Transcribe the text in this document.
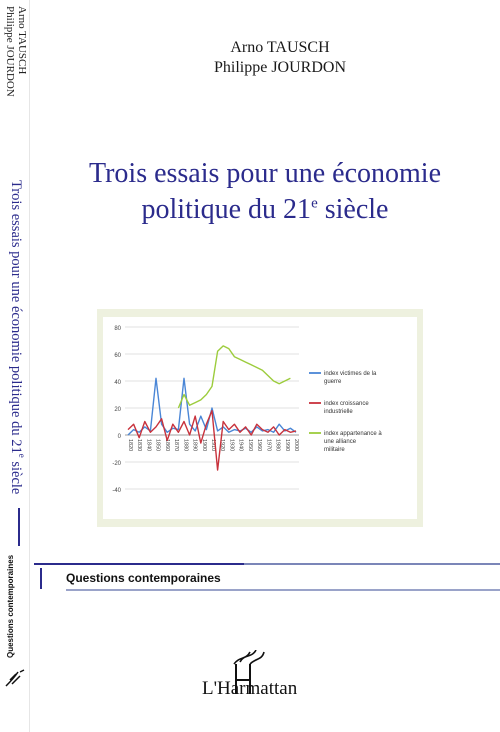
Arno TAUSCH
Philippe JOURDON
Trois essais pour une économie politique du 21e siècle
Questions contemporaines
Arno TAUSCH
Philippe JOURDON
Trois essais pour une économie
politique du 21e siècle
80
60
40
20
0
-20
-40
1820 1830 1840 1850 1860 1870 1880 1890 1900 1910 1920 1930 1940 1950 1960 1970 1980 1990 2000
index victimes de la
guerre
index croissance
industrielle
index appartenance à
une alliance
militaire
Questions contemporaines
L'Harmattan
